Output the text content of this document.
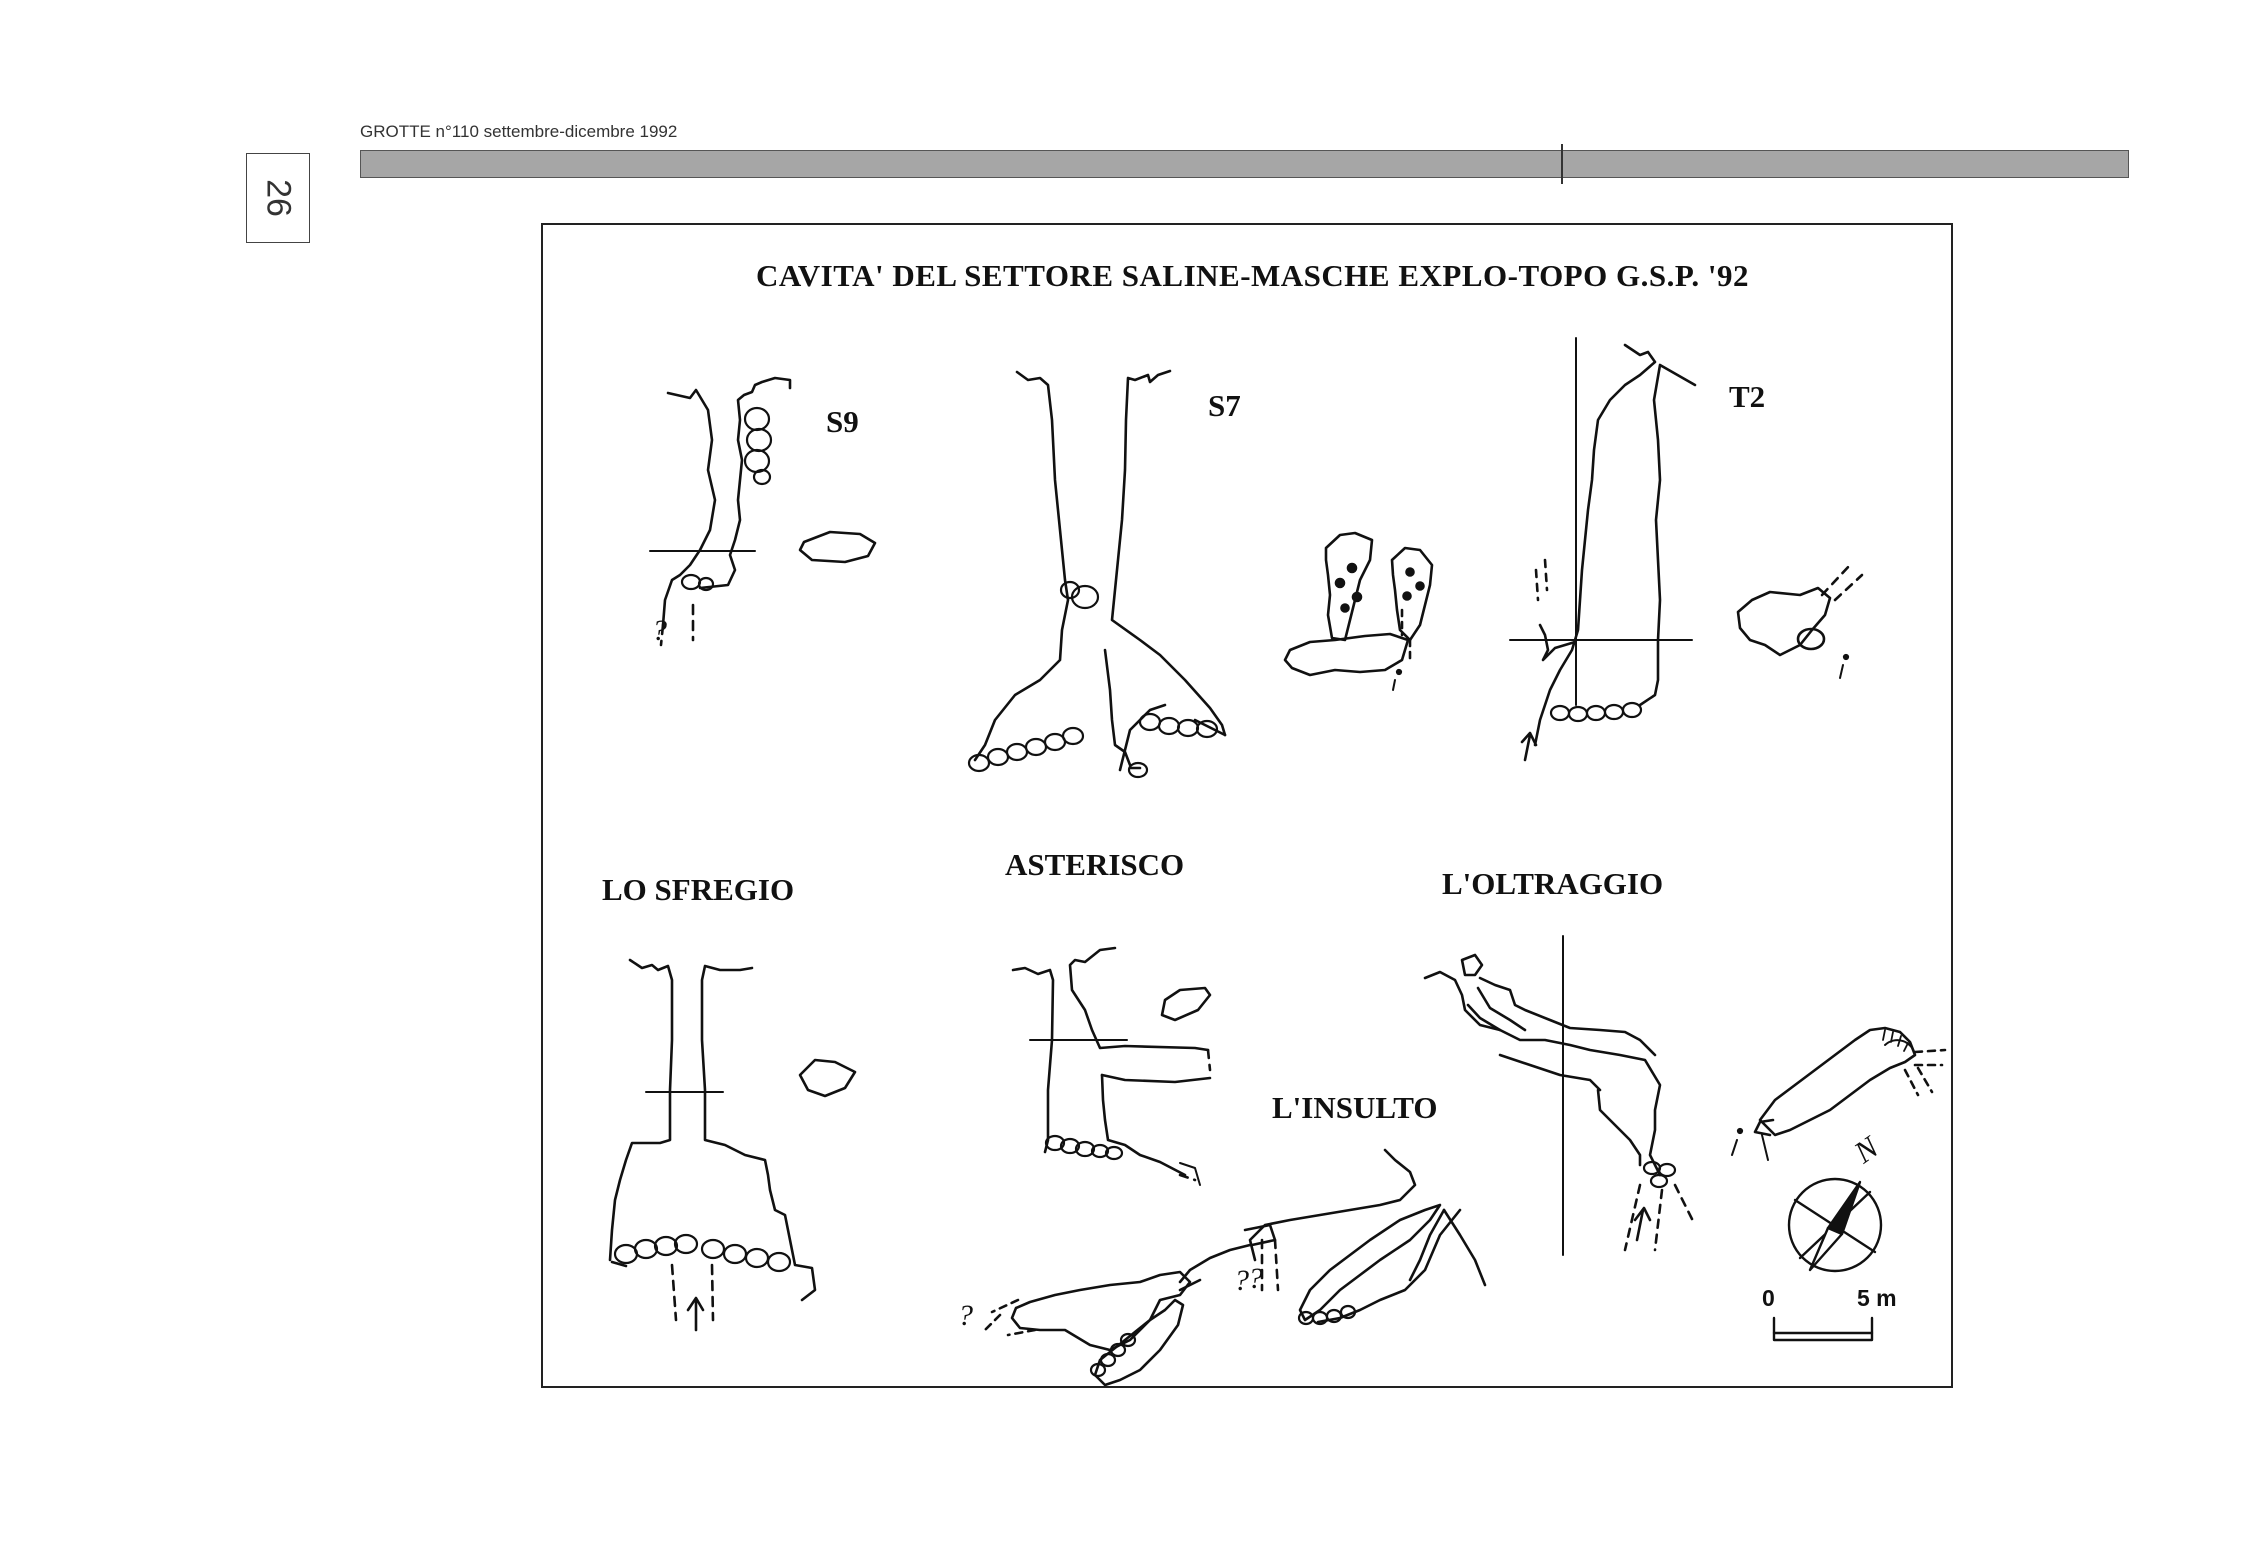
26
GROTTE n°110 settembre-dicembre 1992
?
?
?
?
CAVITA' DEL SETTORE SALINE-MASCHE EXPLO-TOPO G.S.P. '92
S9	S7	T2
LO SFREGIO
ASTERISCO
L'OLTRAGGIO
L'INSULTO
N
0	5 m
